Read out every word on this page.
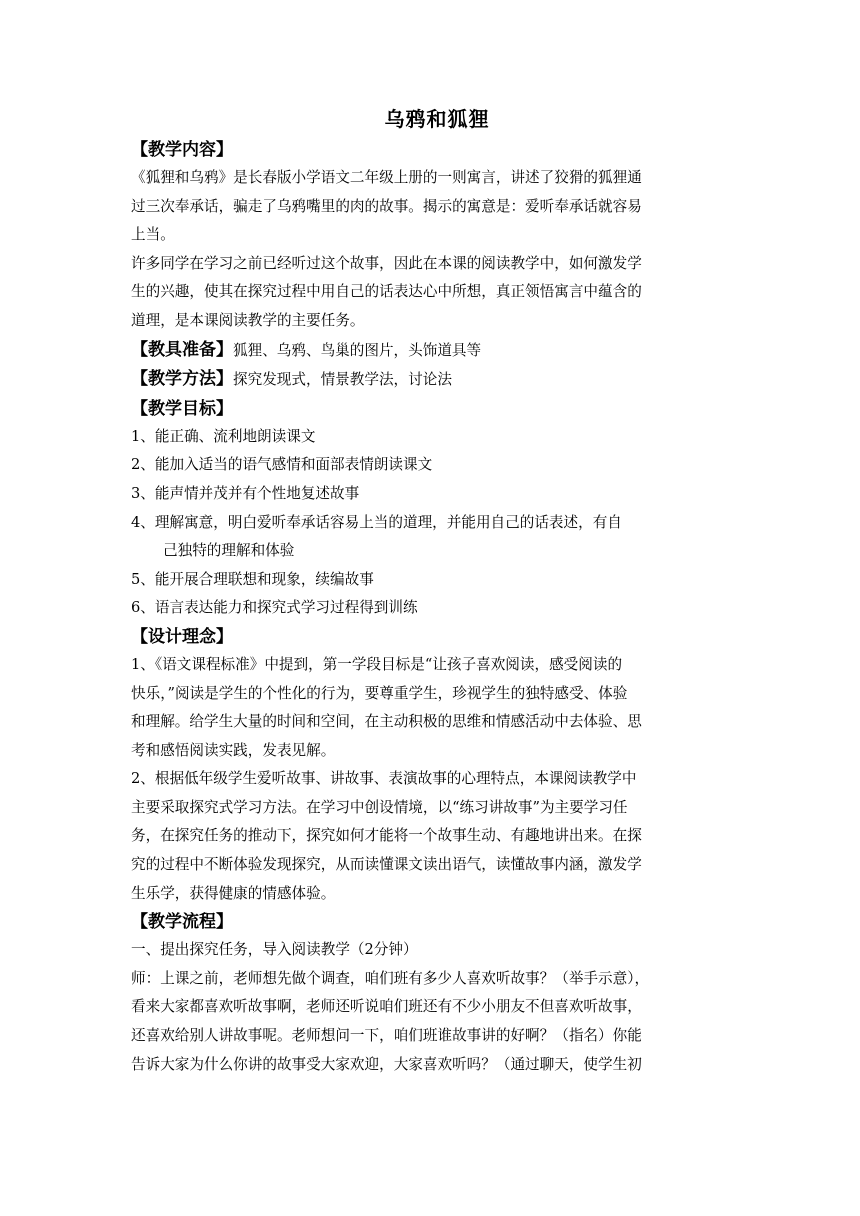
乌鸦和狐狸
【教学内容】

《狐狸和乌鸦》是长春版小学语文二年级上册的一则寓言，讲述了狡猾的狐狸通
过三次奉承话，骗走了乌鸦嘴里的肉的故事。揭示的寓意是：爱听奉承话就容易
上当。

许多同学在学习之前已经听过这个故事，因此在本课的阅读教学中，如何激发学
生的兴趣，使其在探究过程中用自己的话表达心中所想，真正领悟寓言中蕴含的
道理，是本课阅读教学的主要任务。

【教具准备】狐狸、乌鸦、鸟巢的图片，头饰道具等

【教学方法】探究发现式，情景教学法，讨论法

【教学目标】

1、能正确、流利地朗读课文

2、能加入适当的语气感情和面部表情朗读课文

3、能声情并茂并有个性地复述故事

4、理解寓意，明白爱听奉承话容易上当的道理，并能用自己的话表述，有自

己独特的理解和体验

5、能开展合理联想和现象，续编故事

6、语言表达能力和探究式学习过程得到训练

【设计理念】

1、《语文课程标准》中提到，第一学段目标是“让孩子喜欢阅读，感受阅读的
快乐，”阅读是学生的个性化的行为，要尊重学生，珍视学生的独特感受、体验
和理解。给学生大量的时间和空间，在主动积极的思维和情感活动中去体验、思
考和感悟阅读实践，发表见解。

2、根据低年级学生爱听故事、讲故事、表演故事的心理特点，本课阅读教学中
主要采取探究式学习方法。在学习中创设情境，以“练习讲故事”为主要学习任
务，在探究任务的推动下，探究如何才能将一个故事生动、有趣地讲出来。在探
究的过程中不断体验发现探究，从而读懂课文读出语气，读懂故事内涵，激发学
生乐学，获得健康的情感体验。

【教学流程】

一、提出探究任务，导入阅读教学（2分钟）

师：上课之前，老师想先做个调查，咱们班有多少人喜欢听故事？（举手示意），
看来大家都喜欢听故事啊，老师还听说咱们班还有不少小朋友不但喜欢听故事，
还喜欢给别人讲故事呢。老师想问一下，咱们班谁故事讲的好啊？（指名）你能
告诉大家为什么你讲的故事受大家欢迎，大家喜欢听吗？（通过聊天，使学生初
